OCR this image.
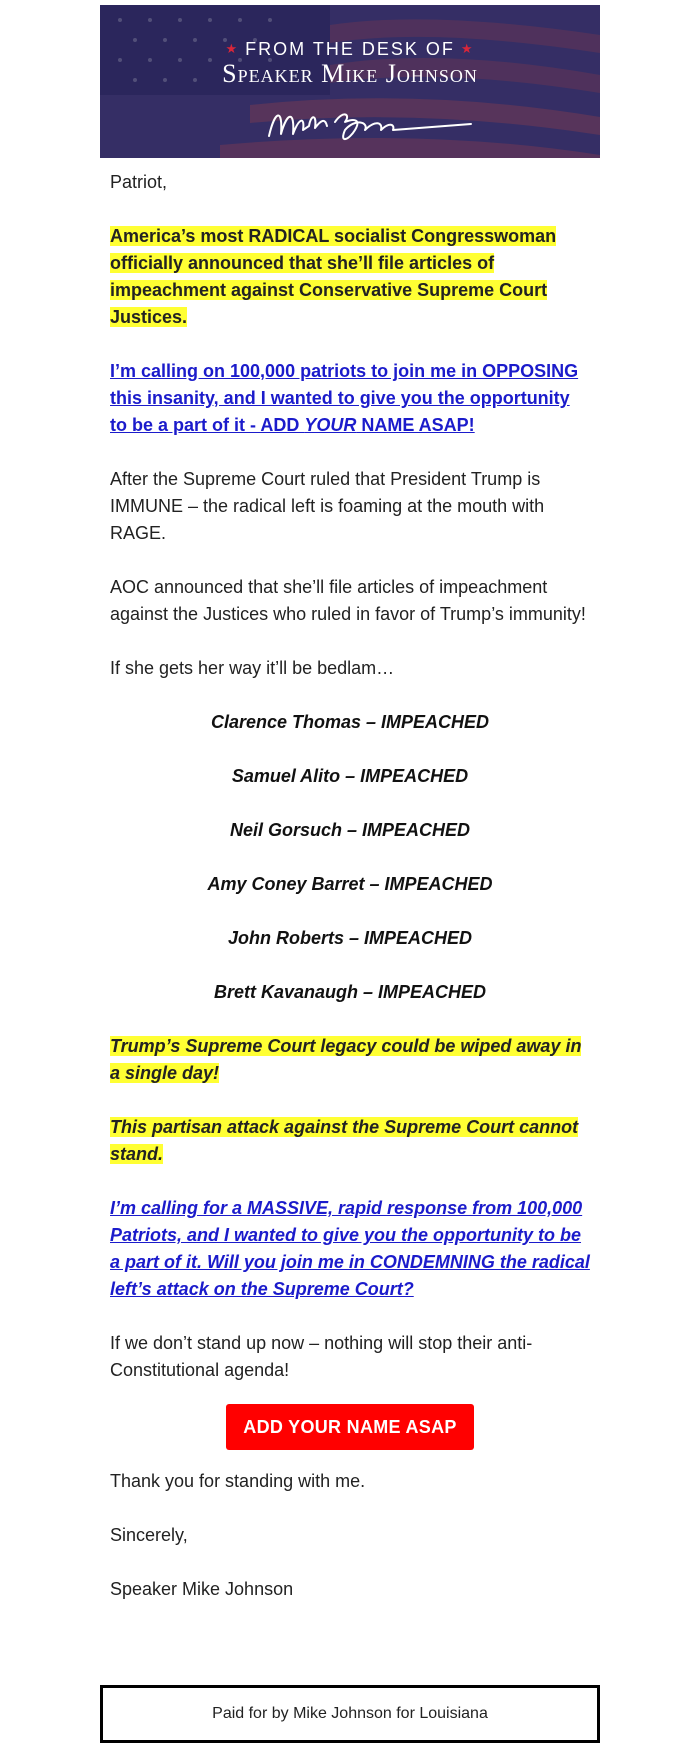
★ FROM THE DESK OF ★
Speaker Mike Johnson

Patriot,

America’s most RADICAL socialist Congresswoman officially announced that she’ll file articles of impeachment against Conservative Supreme Court Justices.

I’m calling on 100,000 patriots to join me in OPPOSING this insanity, and I wanted to give you the opportunity to be a part of it - ADD YOUR NAME ASAP!

After the Supreme Court ruled that President Trump is IMMUNE – the radical left is foaming at the mouth with RAGE.

AOC announced that she’ll file articles of impeachment against the Justices who ruled in favor of Trump’s immunity!

If she gets her way it’ll be bedlam…

Clarence Thomas – IMPEACHED

Samuel Alito – IMPEACHED

Neil Gorsuch – IMPEACHED

Amy Coney Barret – IMPEACHED

John Roberts – IMPEACHED

Brett Kavanaugh – IMPEACHED

Trump’s Supreme Court legacy could be wiped away in a single day!

This partisan attack against the Supreme Court cannot stand.

I’m calling for a MASSIVE, rapid response from 100,000 Patriots, and I wanted to give you the opportunity to be a part of it. Will you join me in CONDEMNING the radical left’s attack on the Supreme Court?

If we don’t stand up now – nothing will stop their anti-Constitutional agenda!

ADD YOUR NAME ASAP

Thank you for standing with me.

Sincerely,

Speaker Mike Johnson

Paid for by Mike Johnson for Louisiana
